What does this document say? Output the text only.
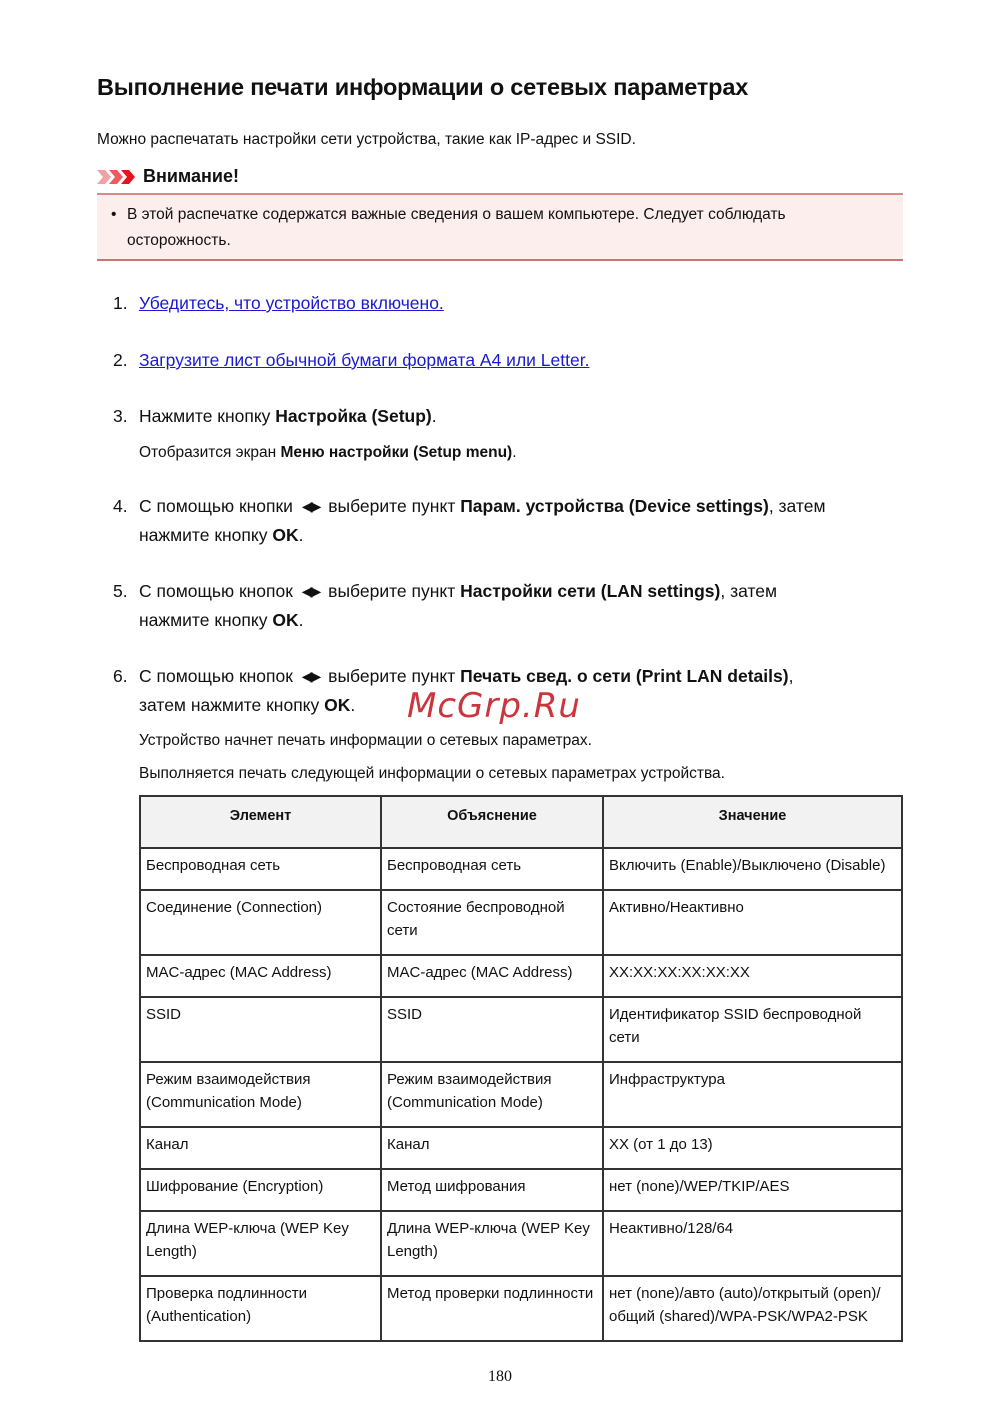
Выполнение печати информации о сетевых параметрах

Можно распечатать настройки сети устройства, такие как IP-адрес и SSID.

Внимание!
• В этой распечатке содержатся важные сведения о вашем компьютере. Следует соблюдать осторожность.
1. Убедитесь, что устройство включено.
2. Загрузите лист обычной бумаги формата A4 или Letter.
3. Нажмите кнопку Настройка (Setup).
Отобразится экран Меню настройки (Setup menu).
4. С помощью кнопки ◀▶ выберите пункт Парам. устройства (Device settings), затем
нажмите кнопку OK.
5. С помощью кнопок ◀▶ выберите пункт Настройки сети (LAN settings), затем
нажмите кнопку OK.
6. С помощью кнопок ◀▶ выберите пункт Печать свед. о сети (Print LAN details),
затем нажмите кнопку OK.	McGrp.Ru
Устройство начнет печать информации о сетевых параметрах.
Выполняется печать следующей информации о сетевых параметрах устройства.
Элемент	Объяснение	Значение
Беспроводная сеть	Беспроводная сеть	Включить (Enable)/Выключено (Disable)
Соединение (Connection)	Состояние беспроводной сети	Активно/Неактивно
MAC-адрес (MAC Address)	MAC-адрес (MAC Address)	XX:XX:XX:XX:XX:XX
SSID	SSID	Идентификатор SSID беспроводной сети
Режим взаимодействия (Communication Mode)	Режим взаимодействия (Communication Mode)	Инфраструктура
Канал	Канал	XX (от 1 до 13)
Шифрование (Encryption)	Метод шифрования	нет (none)/WEP/TKIP/AES
Длина WEP-ключа (WEP Key Length)	Длина WEP-ключа (WEP Key Length)	Неактивно/128/64
Проверка подлинности (Authentication)	Метод проверки подлинности	нет (none)/авто (auto)/открытый (open)/ общий (shared)/WPA-PSK/WPA2-PSK
180
